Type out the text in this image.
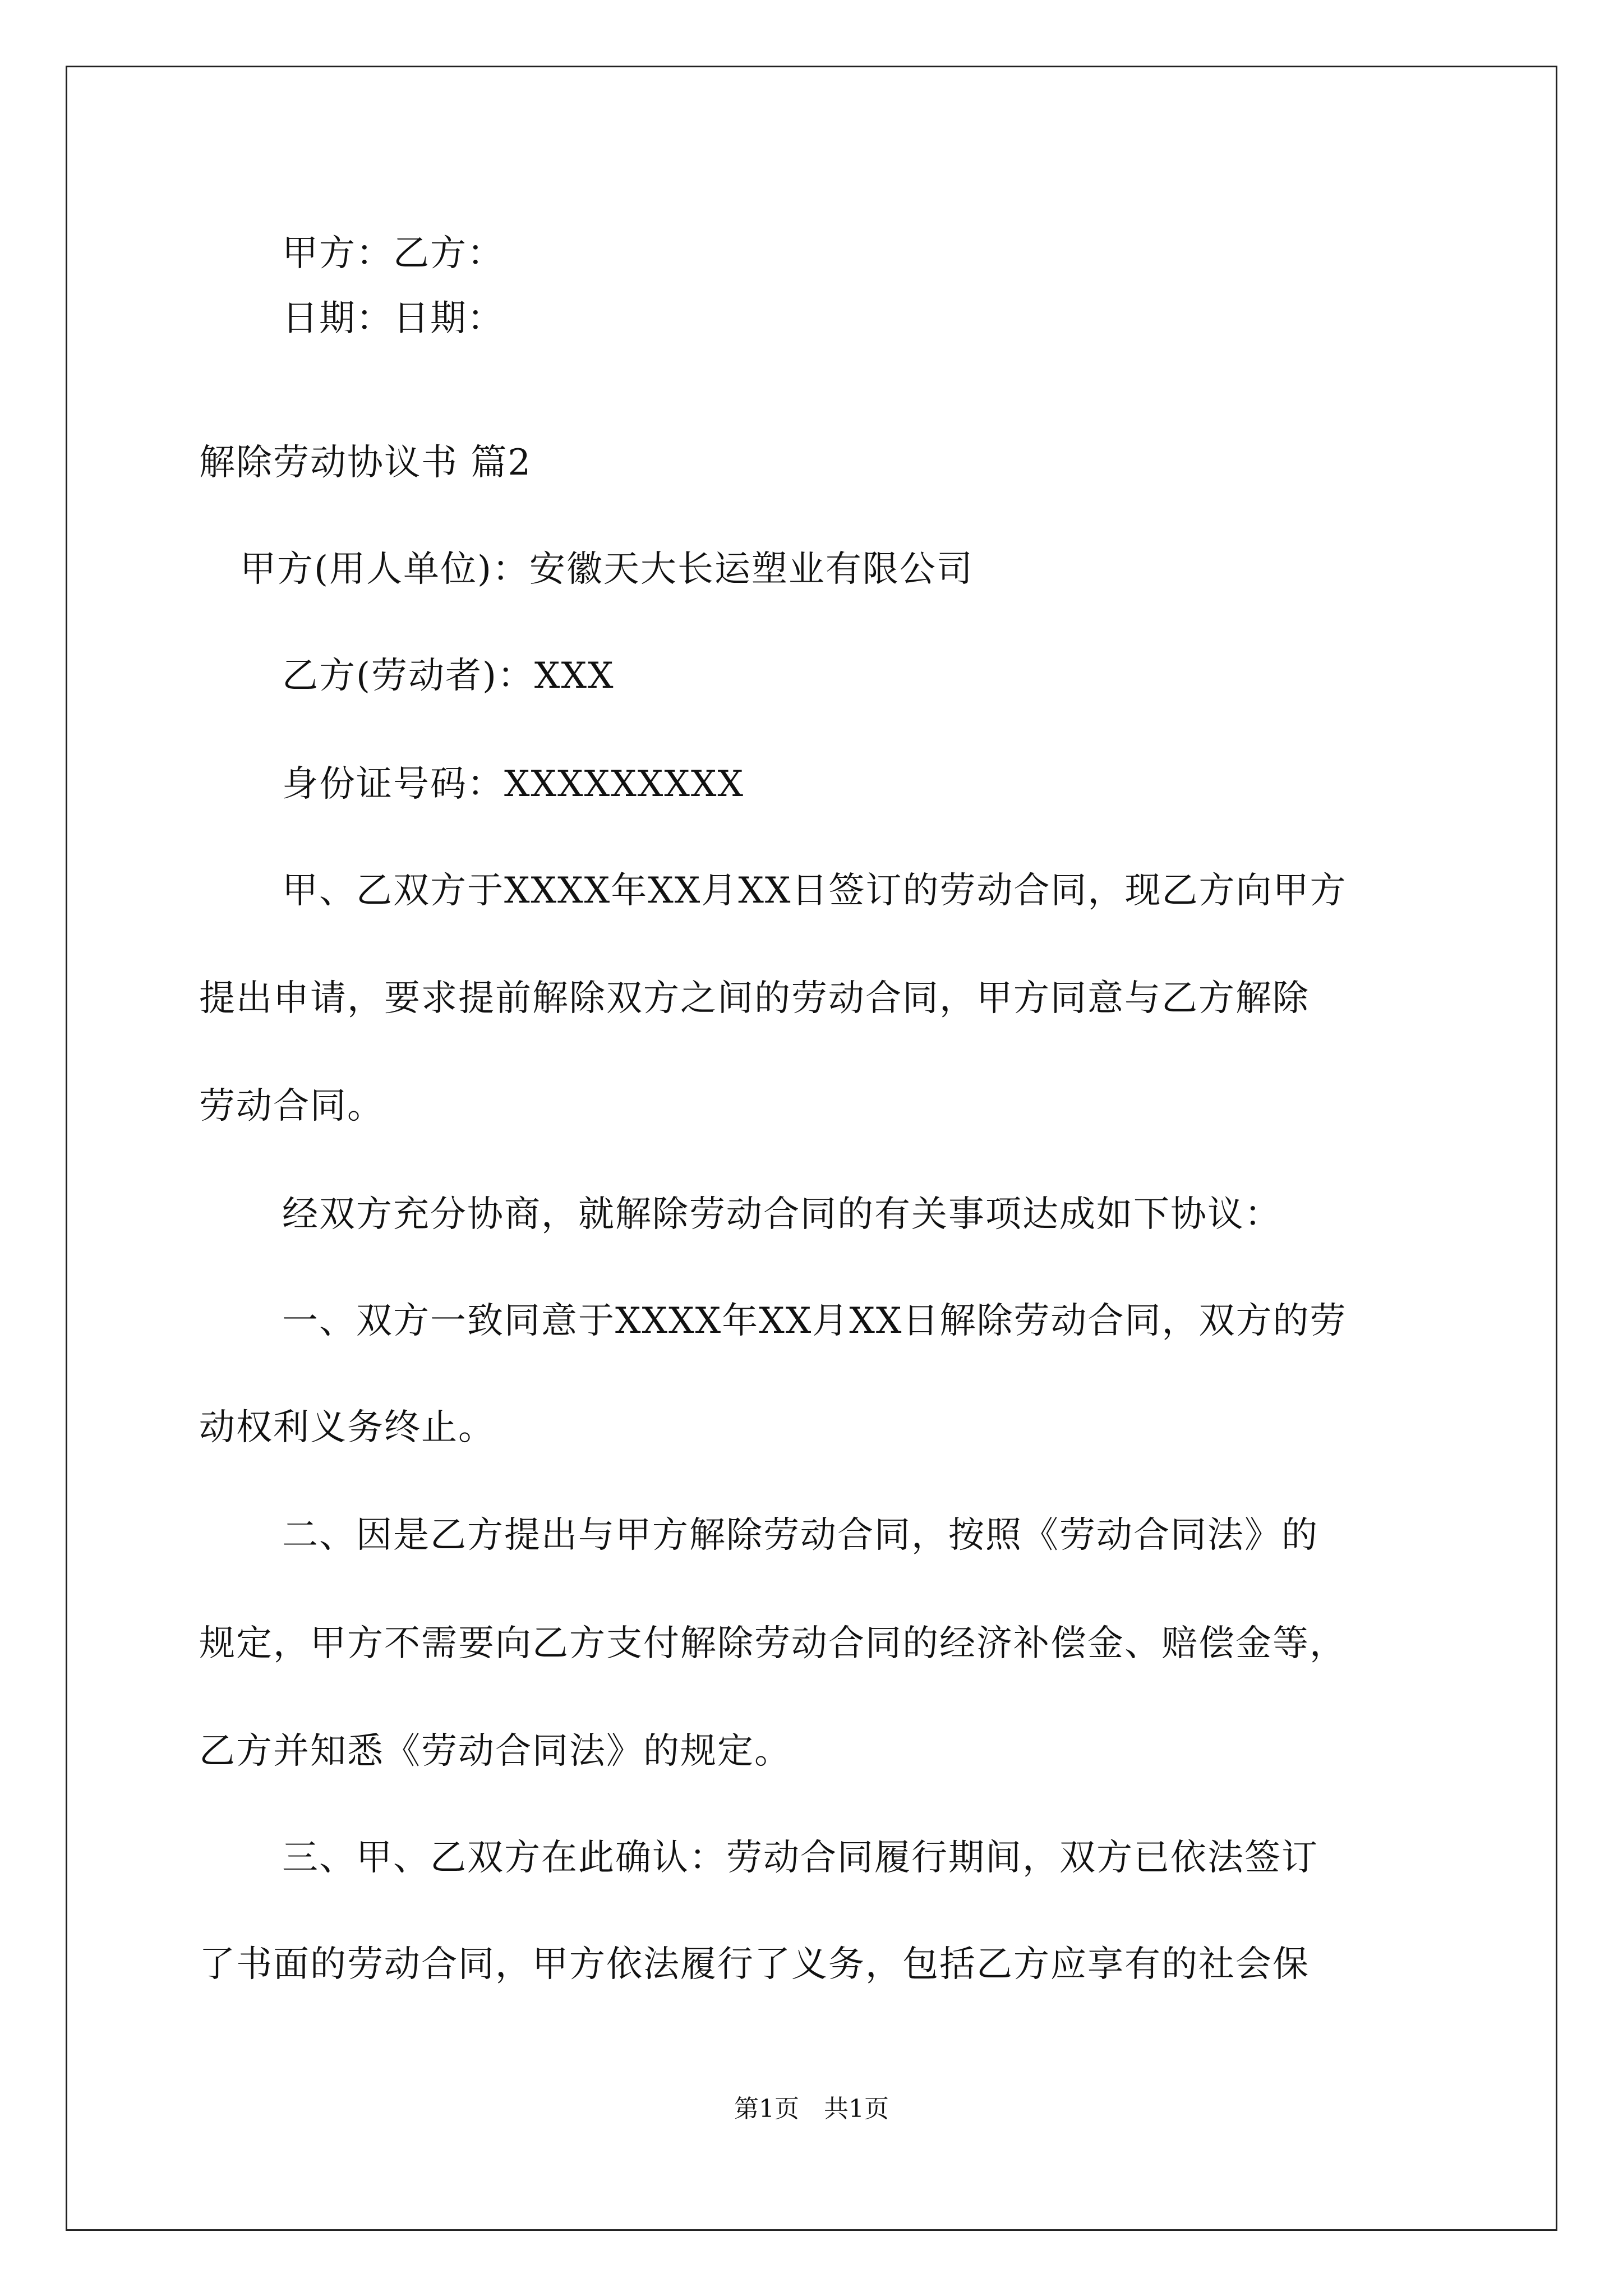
甲方：乙方：
日期：日期：
解除劳动协议书 篇2
甲方(用人单位)：安徽天大长运塑业有限公司
乙方(劳动者)：XXX
身份证号码：XXXXXXXXX
甲、乙双方于XXXX年XX月XX日签订的劳动合同，现乙方向甲方
提出申请，要求提前解除双方之间的劳动合同，甲方同意与乙方解除
劳动合同。
经双方充分协商，就解除劳动合同的有关事项达成如下协议：
一、双方一致同意于XXXX年XX月XX日解除劳动合同，双方的劳
动权利义务终止。
二、因是乙方提出与甲方解除劳动合同，按照《劳动合同法》的
规定，甲方不需要向乙方支付解除劳动合同的经济补偿金、赔偿金等，
乙方并知悉《劳动合同法》的规定。
三、甲、乙双方在此确认：劳动合同履行期间，双方已依法签订
了书面的劳动合同，甲方依法履行了义务，包括乙方应享有的社会保
第1页　共1页
